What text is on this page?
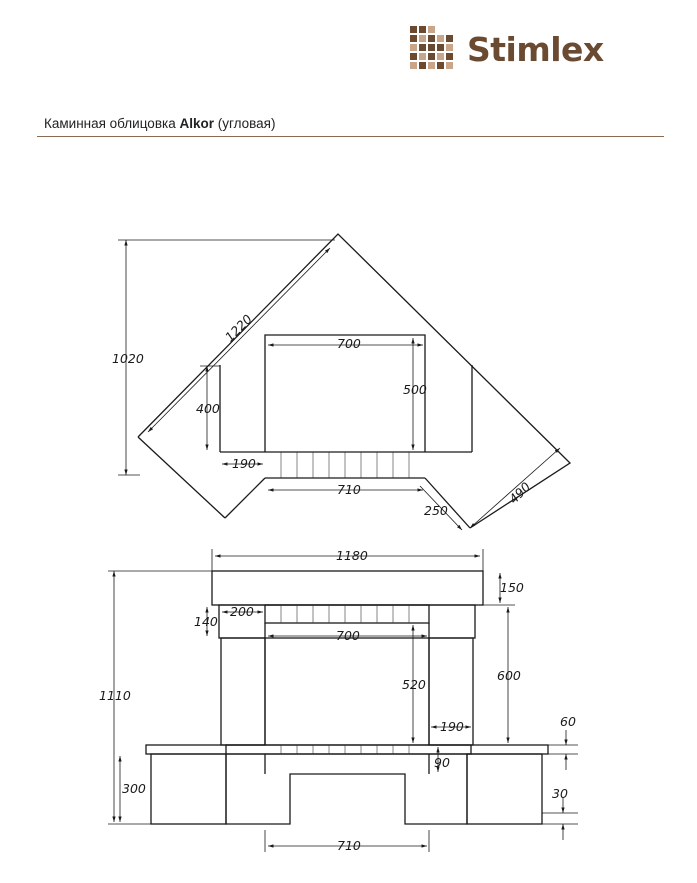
Stimlex
Каминная облицовка Alkor (угловая)
1020
1220	700
500
400
190
710
250
490
1180
150
140
200
700
1110
520
600
190	60
90
300	30
710
